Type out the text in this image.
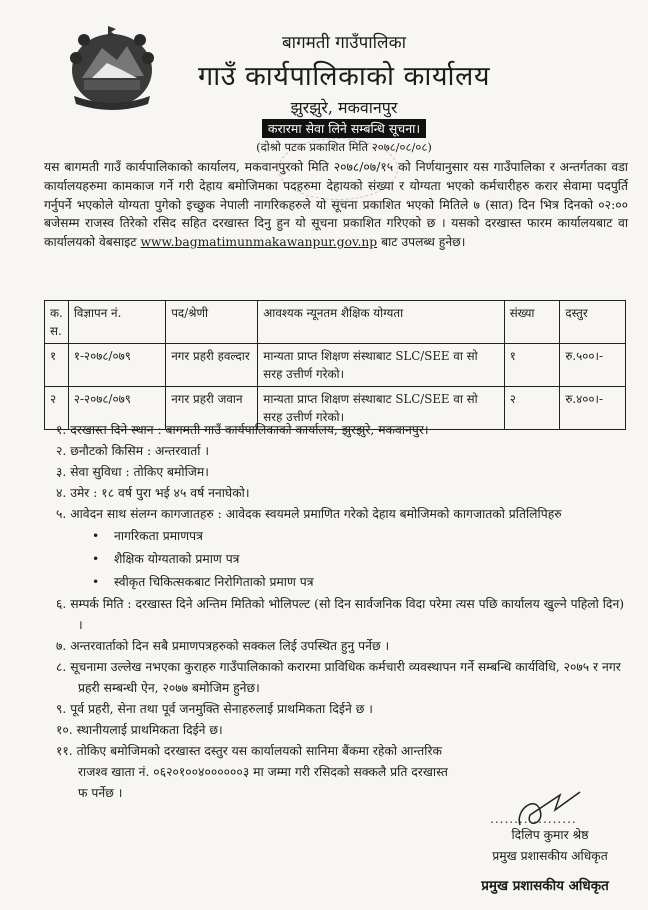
बागमती गाउँपालिका
गाउँ कार्यपालिकाको कार्यालय
झुरझुरे, मकवानपुर
करारमा सेवा लिने सम्बन्धि सूचना।
(दोश्रो पटक प्रकाशित मिति २०७८/०८/०८)
यस बागमती गाउँ कार्यपालिकाको कार्यालय, मकवानपुरको मिति २०७८/०७/१५ को निर्णयानुसार यस गाउँपालिका र अन्तर्गतका वडा कार्यालयहरुमा कामकाज गर्ने गरी देहाय बमोजिमका पदहरुमा देहायको संख्या र योग्यता भएको कर्मचारीहरु करार सेवामा पदपुर्ति गर्नुपर्ने भएकोले योग्यता पुगेको इच्छुक नेपाली नागरिकहरुले यो सूचना प्रकाशित भएको मितिले ७ (सात) दिन भित्र दिनको ०२:०० बजेसम्म राजस्व तिरेको रसिद सहित दरखास्त दिनु हुन यो सूचना प्रकाशित गरिएको छ । यसको दरखास्त फारम कार्यालयबाट वा कार्यालयको वेबसाइट www.bagmatimunmakawanpur.gov.np बाट उपलब्ध हुनेछ।
क. स.	विज्ञापन नं.	पद/श्रेणी	आवश्यक न्यूनतम शैक्षिक योग्यता	संख्या	दस्तुर
१	१-२०७८/०७९	नगर प्रहरी हवल्दार	मान्यता प्राप्त शिक्षण संस्थाबाट SLC/SEE वा सो सरह उत्तीर्ण गरेको।	१	रु.५००।-
२	२-२०७८/०७९	नगर प्रहरी जवान	मान्यता प्राप्त शिक्षण संस्थाबाट SLC/SEE वा सो सरह उत्तीर्ण गरेको।	२	रु.४००।-
१. दरखास्त दिने स्थान : बागमती गाउँ कार्यपालिकाको कार्यालय, झुरझुरे, मकवानपुर।
२. छनौटको किसिम : अन्तरवार्ता ।
३. सेवा सुविधा : तोकिए बमोजिम।
४. उमेर : १८ वर्ष पुरा भई ४५ वर्ष ननाघेको।
५. आवेदन साथ संलग्न कागजातहरु : आवेदक स्वयमले प्रमाणित गरेको देहाय बमोजिमको कागजातको प्रतिलिपिहरु
• नागरिकता प्रमाणपत्र
• शैक्षिक योग्यताको प्रमाण पत्र
• स्वीकृत चिकित्सकबाट निरोगिताको प्रमाण पत्र
६. सम्पर्क मिति : दरखास्त दिने अन्तिम मितिको भोलिपल्ट (सो दिन सार्वजनिक विदा परेमा त्यस पछि कार्यालय खुल्ने पहिलो दिन) ।
७. अन्तरवार्ताको दिन सबै प्रमाणपत्रहरुको सक्कल लिई उपस्थित हुनु पर्नेछ ।
८. सूचनामा उल्लेख नभएका कुराहरु गाउँपालिकाको करारमा प्राविधिक कर्मचारी व्यवस्थापन गर्ने सम्बन्धि कार्यविधि, २०७५ र नगर प्रहरी सम्बन्धी ऐन, २०७७ बमोजिम हुनेछ।
९. पूर्व प्रहरी, सेना तथा पूर्व जनमुक्ति सेनाहरुलाई प्राथमिकता दिईने छ ।
१०. स्थानीयलाई प्राथमिकता दिईने छ।
११. तोकिए बमोजिमको दरखास्त दस्तुर यस कार्यालयको सानिमा बैंकमा रहेको आन्तरिक राजश्व खाता नं. ०६२०१००४००००००३ मा जम्मा गरी रसिदको सक्कलै प्रति दरखास्त फ पर्नेछ ।
..................
दिलिप कुमार श्रेष्ठ
प्रमुख प्रशासकीय अधिकृत
प्रमुख प्रशासकीय अधिकृत
